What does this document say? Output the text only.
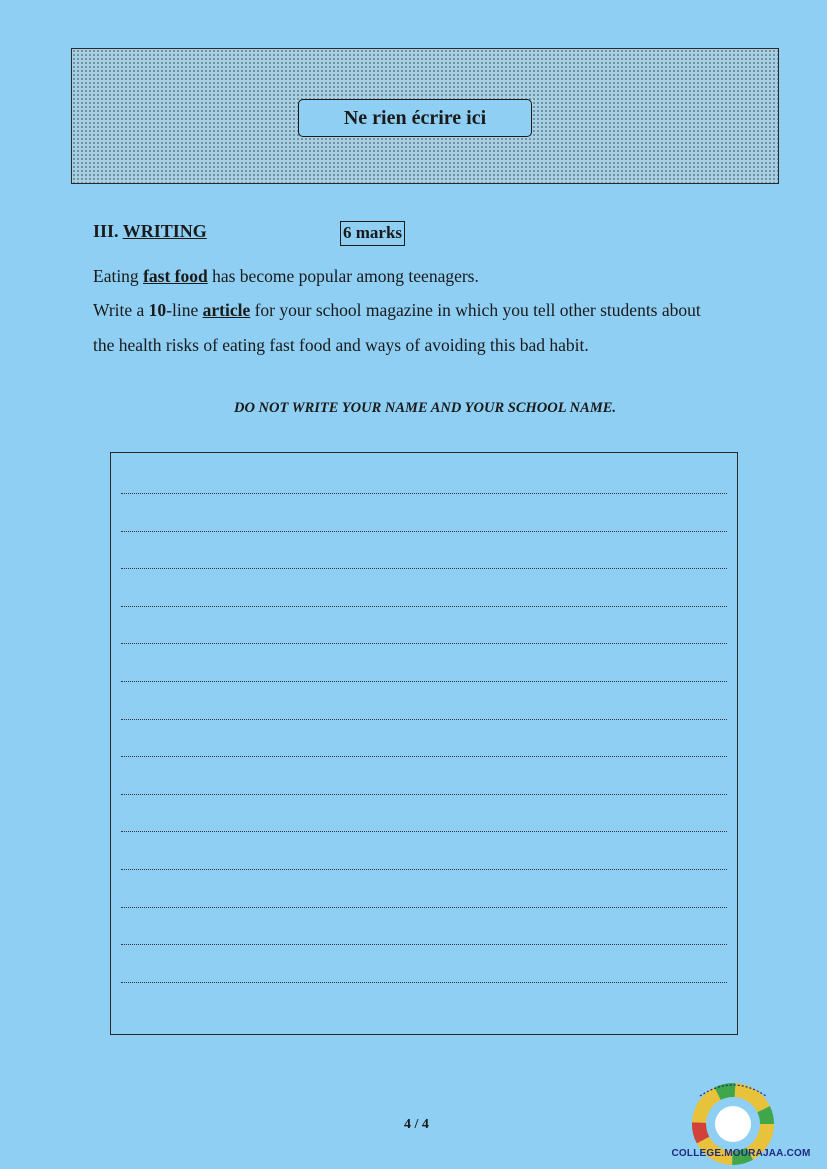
Ne rien écrire ici
III. WRITING	6 marks
Eating fast food has become popular among teenagers.
Write a 10-line article for your school magazine in which you tell other students about
the health risks of eating fast food and ways of avoiding this bad habit.
DO NOT WRITE YOUR NAME AND YOUR SCHOOL NAME.
4 / 4
COLLEGE.MOURAJAA.COM
